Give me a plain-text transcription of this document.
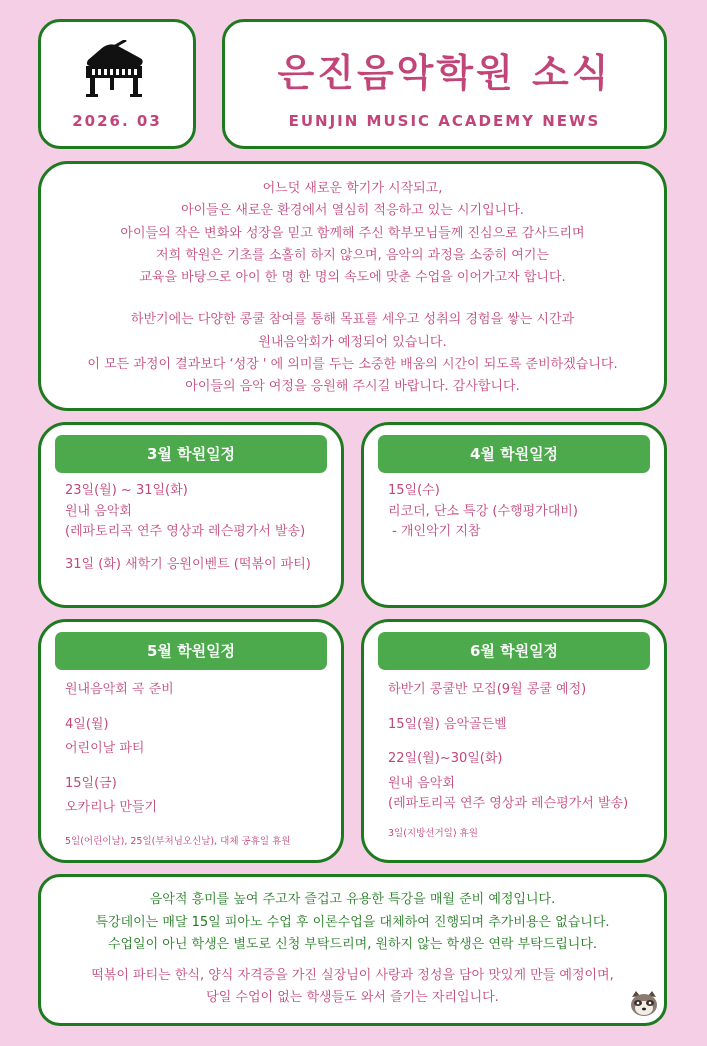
2026. 03
은진음악학원 소식
EUNJIN MUSIC ACADEMY NEWS

어느덧 새로운 학기가 시작되고,

아이들은 새로운 환경에서 열심히 적응하고 있는 시기입니다.

아이들의 작은 변화와 성장을 믿고 함께해 주신 학부모님들께 진심으로 감사드리며

저희 학원은 기초를 소홀히 하지 않으며, 음악의 과정을 소중히 여기는

교육을 바탕으로 아이 한 명 한 명의 속도에 맞춘 수업을 이어가고자 합니다.

하반기에는 다양한 콩쿨 참여를 통해 목표를 세우고 성취의 경험을 쌓는 시간과

원내음악회가 예정되어 있습니다.

이 모든 과정이 결과보다 ‘성장 ' 에 의미를 두는 소중한 배움의 시간이 되도록 준비하겠습니다.

아이들의 음악 여정을 응원해 주시길 바랍니다. 감사합니다.

3월 학원일정

23일(월) ~ 31일(화)

원내 음악회

(레파토리곡 연주 영상과 레슨평가서 발송)

31일 (화) 새학기 응원이벤트 (떡볶이 파티)

4월 학원일정

15일(수)

리코더, 단소 특강 (수행평가대비)

- 개인악기 지참

5월 학원일정

원내음악회 곡 준비

4일(월)

어린이날 파티

15일(금)

오카리나 만들기

5일(어린이날), 25일(부처님오신날), 대체 공휴일 휴원

6월 학원일정

하반기 콩쿨반 모집(9월 콩쿨 예정)

15일(월) 음악골든벨

22일(월)~30일(화)

원내 음악회

(레파토리곡 연주 영상과 레슨평가서 발송)

3일(지방선거일) 휴원

음악적 흥미를 높여 주고자 즐겁고 유용한 특강을 매월 준비 예정입니다.

특강데이는 매달 15일 피아노 수업 후 이론수업을 대체하여 진행되며 추가비용은 없습니다.

수업일이 아닌 학생은 별도로 신청 부탁드리며, 원하지 않는 학생은 연락 부탁드립니다.

떡볶이 파티는 한식, 양식 자격증을 가진 실장님이 사랑과 정성을 담아 맛있게 만들 예정이며,

당일 수업이 없는 학생들도 와서 즐기는 자리입니다.
